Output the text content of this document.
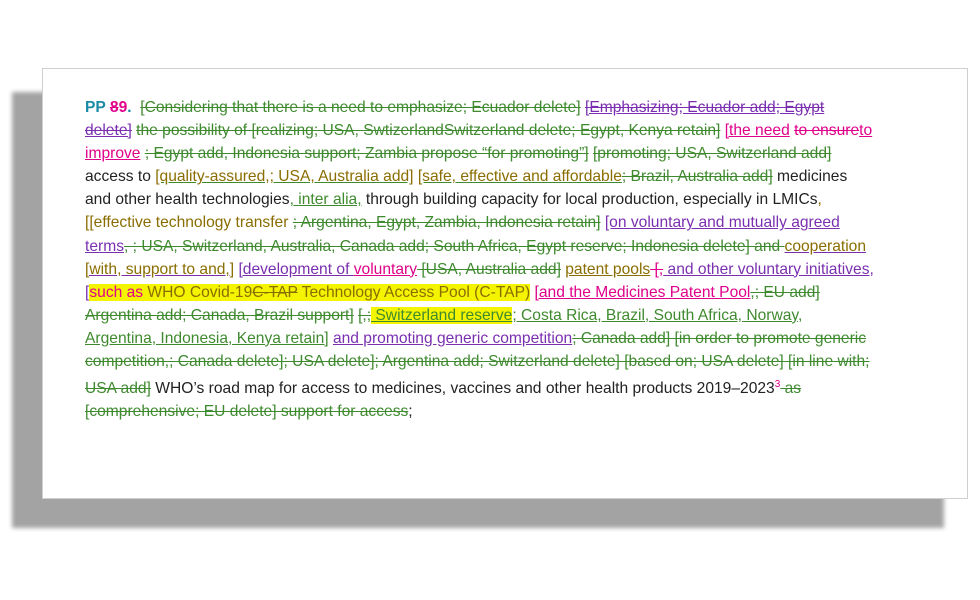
PP 89. [Considering that there is a need to emphasize; Ecuador delete] [Emphasizing; Ecuador add; Egypt delete] the possibility of [realizing; USA, SwtizerlandSwitzerland delete; Egypt, Kenya retain] [the need to ensureto improve ; Egypt add, Indonesia support; Zambia propose “for promoting”] [promoting; USA, Switzerland add] access to [quality-assured,; USA, Australia add] [safe, effective and affordable; Brazil, Australia add] medicines and other health technologies, inter alia, through building capacity for local production, especially in LMICs, [[effective technology transfer ; Argentina, Egypt, Zambia, Indonesia retain] [on voluntary and mutually agreed terms, ; USA, Switzerland, Australia, Canada add; South Africa, Egypt reserve; Indonesia delete] and cooperation [with, support to and,] [development of voluntary [USA, Australia add] patent pools [, and other voluntary initiatives, [such as WHO Covid-19C-TAP Technology Access Pool (C-TAP) [and the Medicines Patent Pool,; EU add] Argentina add; Canada, Brazil support] [,; Switzerland reserve; Costa Rica, Brazil, South Africa, Norway, Argentina, Indonesia, Kenya retain] and promoting generic competition; Canada add] [in order to promote generic competition,; Canada delete]; USA delete]; Argentina add; Switzerland delete] [based on; USA delete] [in line with; USA add] WHO’s road map for access to medicines, vaccines and other health products 2019–2023$^3$ as [comprehensive; EU delete] support for access;
